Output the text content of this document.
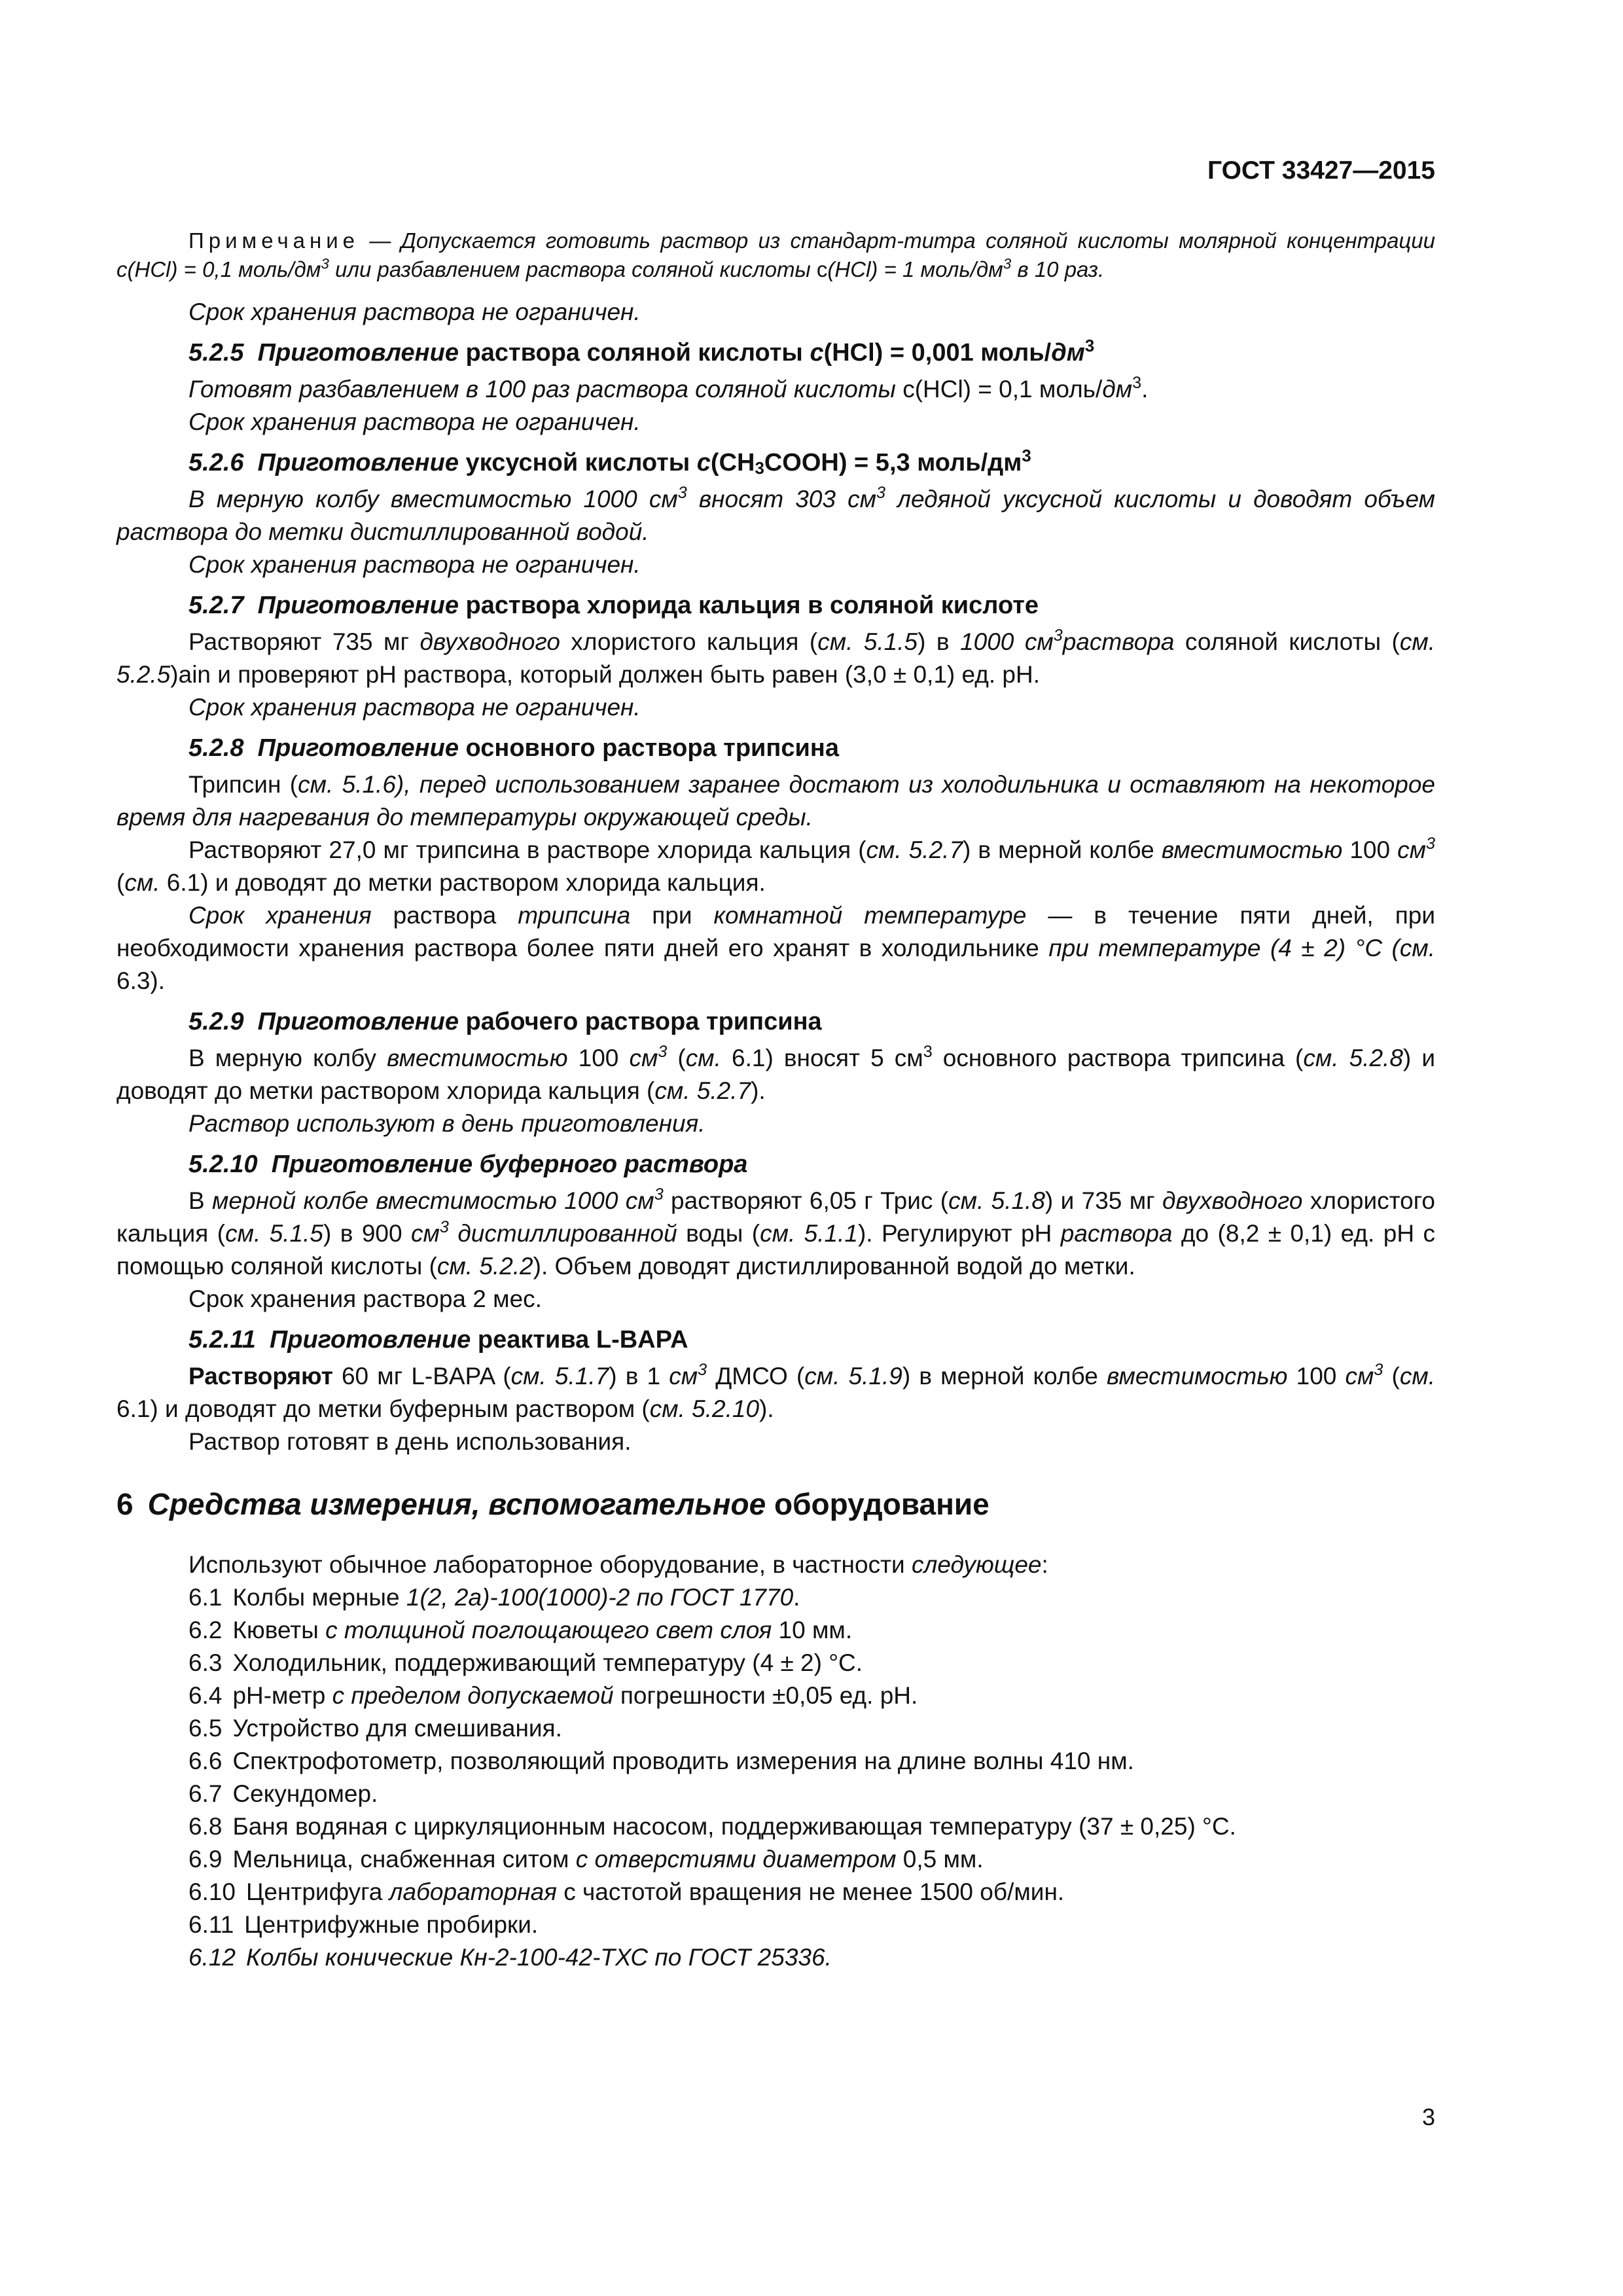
ГОСТ 33427—2015

Примечание — Допускается готовить раствор из стандарт-титра соляной кислоты молярной концентрации c(HCl) = 0,1 моль/$дм^3$ или разбавлением раствора соляной кислоты c(HCl) = 1 моль/$дм^3$ в 10 раз.

Срок хранения раствора не ограничен.

5.2.5 Приготовление раствора соляной кислоты c(HCl) = 0,001 моль/$дм^3$

Готовят разбавлением в 100 раз раствора соляной кислоты c(HCl) = 0,1 моль/$дм^3$.

Срок хранения раствора не ограничен.

5.2.6 Приготовление уксусной кислоты $c(CH_3COOH) = 5,3$ моль/$дм^3$

В мерную колбу вместимостью 1000 $см^3$ вносят 303 $см^3$ ледяной уксусной кислоты и доводят объем раствора до метки дистиллированной водой.

Срок хранения раствора не ограничен.

5.2.7 Приготовление раствора хлорида кальция в соляной кислоте

Растворяют 735 мг двухводного хлористого кальция (см. 5.1.5) в 1000 $см^3раствора$ соляной кислоты (см. 5.2.5)ain и проверяют pH раствора, который должен быть равен (3,0 ± 0,1) ед. pH.

Срок хранения раствора не ограничен.

5.2.8 Приготовление основного раствора трипсина

Трипсин (см. 5.1.6), перед использованием заранее достают из холодильника и оставляют на некоторое время для нагревания до температуры окружающей среды.

Растворяют 27,0 мг трипсина в растворе хлорида кальция (см. 5.2.7) в мерной колбе вместимостью 100 $см^3$ (см. 6.1) и доводят до метки раствором хлорида кальция.

Срок хранения раствора трипсина при комнатной температуре — в течение пяти дней, при необходимости хранения раствора более пяти дней его хранят в холодильнике при температуре (4 ± 2) °С (см. 6.3).

5.2.9 Приготовление рабочего раствора трипсина

В мерную колбу вместимостью 100 $см^3$ (см. 6.1) вносят 5 $см^3$ основного раствора трипсина (см. 5.2.8) и доводят до метки раствором хлорида кальция (см. 5.2.7).

Раствор используют в день приготовления.

5.2.10 Приготовление буферного раствора

В мерной колбе вместимостью 1000 $см^3$ растворяют 6,05 г Трис (см. 5.1.8) и 735 мг двухводного хлористого кальция (см. 5.1.5) в 900 $см^3$ дистиллированной воды (см. 5.1.1). Регулируют pH раствора до (8,2 ± 0,1) ед. pH с помощью соляной кислоты (см. 5.2.2). Объем доводят дистиллированной водой до метки.

Срок хранения раствора 2 мес.

5.2.11 Приготовление реактива L-BAPA

Растворяют 60 мг L-BAPA (см. 5.1.7) в 1 $см^3$ ДМСО (см. 5.1.9) в мерной колбе вместимостью 100 $см^3$ (см. 6.1) и доводят до метки буферным раствором (см. 5.2.10).

Раствор готовят в день использования.

6 Средства измерения, вспомогательное оборудование

Используют обычное лабораторное оборудование, в частности следующее:

6.1 Колбы мерные 1(2, 2а)-100(1000)-2 по ГОСТ 1770.
6.2 Кюветы с толщиной поглощающего свет слоя 10 мм.
6.3 Холодильник, поддерживающий температуру (4 ± 2) °С.
6.4 pH-метр с пределом допускаемой погрешности ±0,05 ед. pH.
6.5 Устройство для смешивания.
6.6 Спектрофотометр, позволяющий проводить измерения на длине волны 410 нм.
6.7 Секундомер.
6.8 Баня водяная с циркуляционным насосом, поддерживающая температуру (37 ± 0,25) °С.
6.9 Мельница, снабженная ситом с отверстиями диаметром 0,5 мм.
6.10 Центрифуга лабораторная с частотой вращения не менее 1500 об/мин.
6.11 Центрифужные пробирки.
6.12 Колбы конические Кн-2-100-42-ТХС по ГОСТ 25336.
3
